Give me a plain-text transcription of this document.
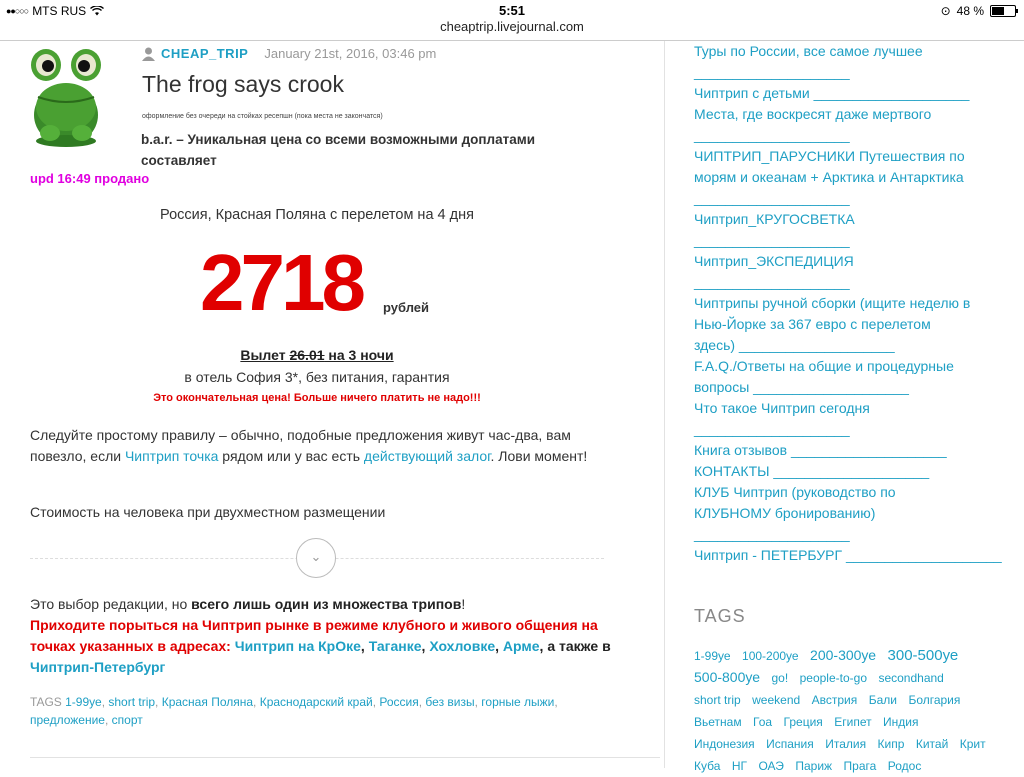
●●○○○ MTS RUS	5:51	⊙ 48 %
cheaptrip.livejournal.com
CHEAP_TRIP January 21st, 2016, 03:46 pm
The frog says crook
оформление без очереди на стойках ресепшн (пока места не закончатся)
b.a.r. – Уникальная цена со всеми возможными доплатами составляет
upd 16:49 продано
Россия, Красная Поляна с перелетом на 4 дня
2718 рублей
Вылет 26.01 на 3 ночи
в отель София 3*, без питания, гарантия
Это окончательная цена! Больше ничего платить не надо!!!
Следуйте простому правилу – обычно, подобные предложения живут час-два, вам повезло, если Чиптрип точка рядом или у вас есть действующий залог. Лови момент!
Стоимость на человека при двухместном размещении
⌄
Это выбор редакции, но всего лишь один из множества трипов!
Приходите порыться на Чиптрип рынке в режиме клубного и живого общения на точках указанных в адресах: Чиптрип на КрОке, Таганке, Хохловке, Арме, а также в Чиптрип-Петербург
TAGS 1-99уе, short trip, Красная Поляна, Краснодарский край, Россия, без визы, горные лыжи, предложение, спорт
Туры по России, все самое лучшее
____________________
Чиптрип с детьми ____________________
Места, где воскресят даже мертвого
____________________
ЧИПТРИП_ПАРУСНИКИ Путешествия по
морям и океанам + Арктика и Антарктика
____________________
Чиптрип_КРУГОСВЕТКА
____________________
Чиптрип_ЭКСПЕДИЦИЯ
____________________
Чиптрипы ручной сборки (ищите неделю в
Нью-Йорке за 367 евро с перелетом
здесь) ____________________
F.A.Q./Ответы на общие и процедурные
вопросы ____________________
Что такое Чиптрип сегодня
____________________
Книга отзывов ____________________
КОНТАКТЫ ____________________
КЛУБ Чиптрип (руководство по
КЛУБНОМУ бронированию)
____________________
Чиптрип - ПЕТЕРБУРГ ____________________
TAGS
1-99уе 100-200уе 200-300уе 300-500уе 500-800уе go! people-to-go secondhand short trip weekend Австрия Бали Болгария Вьетнам Гоа Греция Египет Индия Индонезия Испания Италия Кипр Китай Крит Куба НГ ОАЭ Париж Прага Родос
